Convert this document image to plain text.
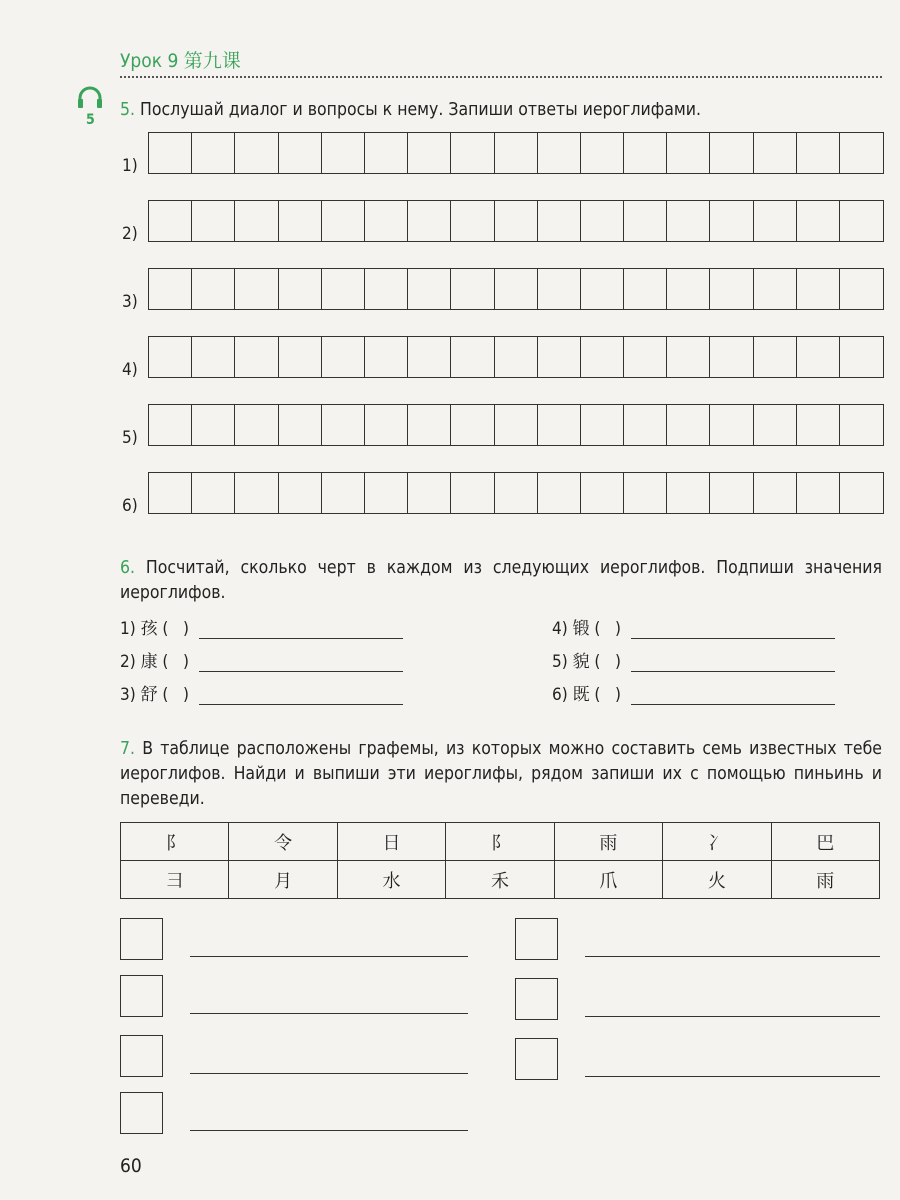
Урок 9 第九课
5 5. Послушай диалог и вопросы к нему. Запиши ответы иероглифами.
1)
2)
3)
4)
5)
6)
6. Посчитай, сколько черт в каждом из следующих иероглифов. Подпиши значения иероглифов.
1)
孩
(   )
2)
康
(   )
3)
舒
(   )
4)
锻
(   )
5)
貌
(   )
6)
既
(   )
7. В таблице расположены графемы, из которых можно составить семь известных тебе иероглифов. Найди и выпиши эти иероглифы, рядом запиши их с помощью пиньинь и переведи.
阝	令	日	阝	雨	冫	巴
彐	月	水	禾	爪	火	雨
60
